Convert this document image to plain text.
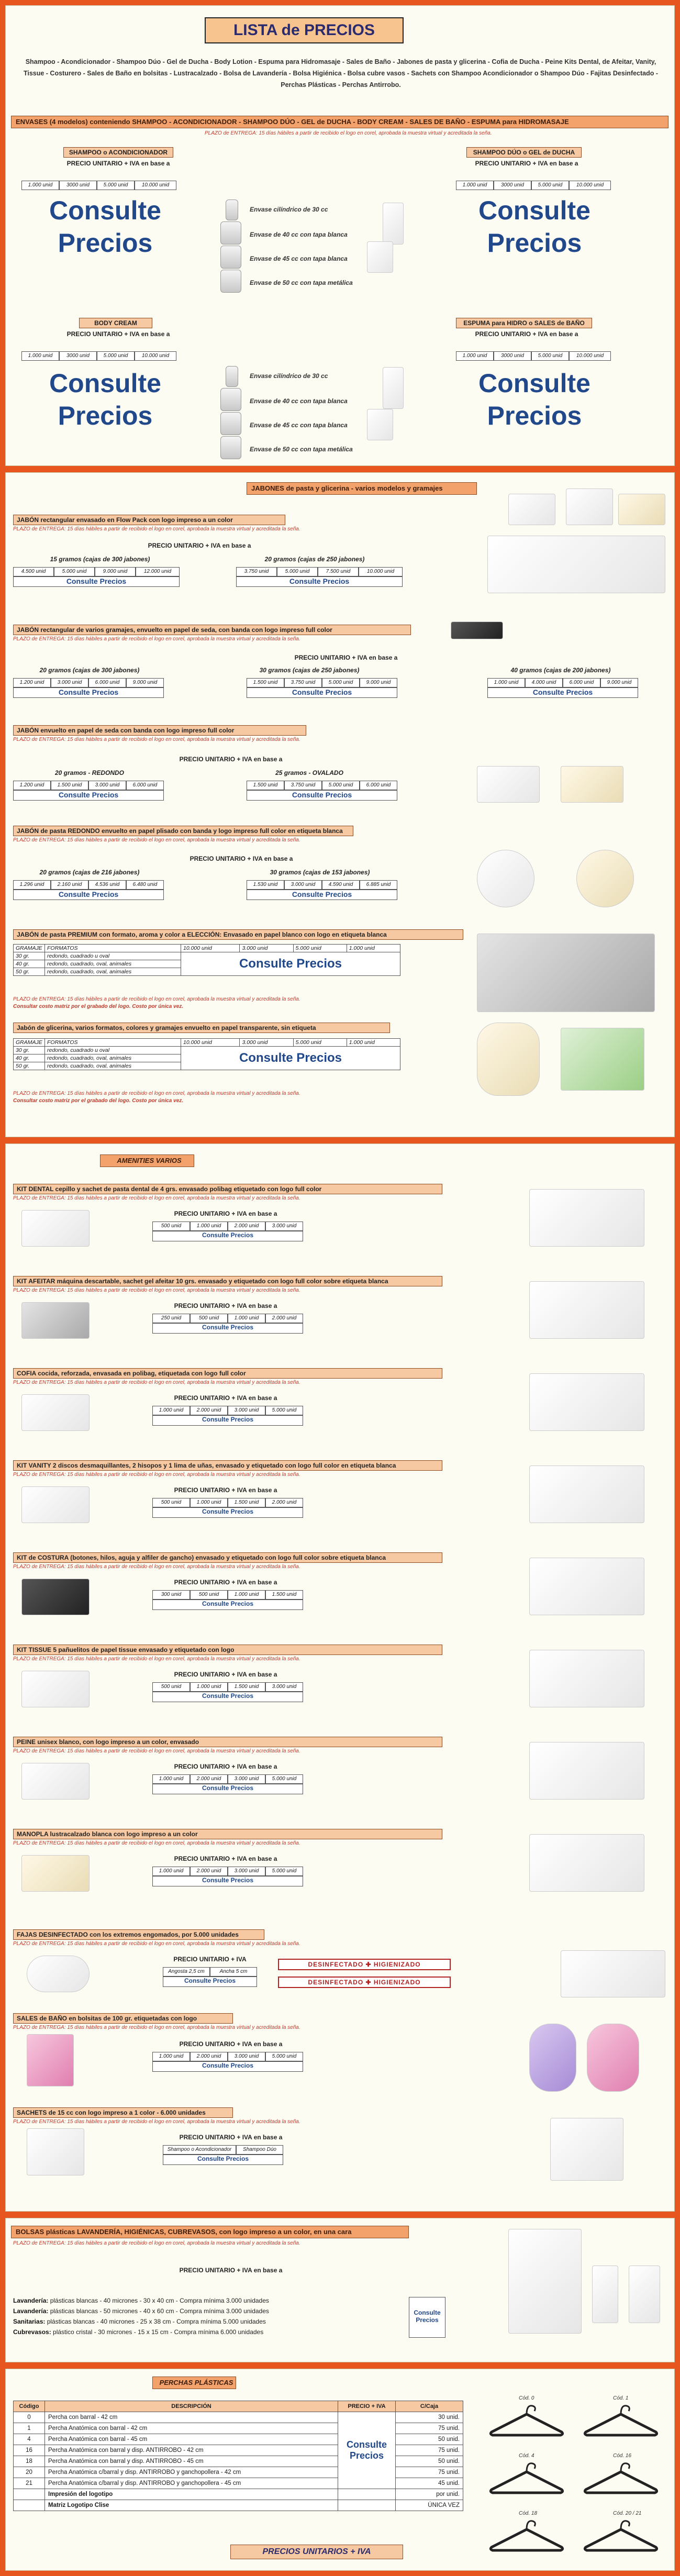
LISTA de PRECIOS
Shampoo - Acondicionador - Shampoo Dúo - Gel de Ducha - Body Lotion - Espuma para Hidromasaje - Sales de Baño - Jabones de pasta y glicerina - Cofia de Ducha - Peine Kits Dental, de Afeitar, Vanity, Tissue - Costurero - Sales de Baño en bolsitas - Lustracalzado - Bolsa de Lavandería - Bolsa Higiénica - Bolsa cubre vasos - Sachets con Shampoo Acondicionador o Shampoo Dúo - Fajitas Desinfectado - Perchas Plásticas - Perchas Antirrobo.
ENVASES (4 modelos) conteniendo SHAMPOO - ACONDICIONADOR - SHAMPOO DÚO - GEL de DUCHA - BODY CREAM - SALES DE BAÑO - ESPUMA para HIDROMASAJE
PLAZO de ENTREGA: 15 días hábiles a partir de recibido el logo en corel, aprobada la muestra virtual y acreditada la seña.
SHAMPOO o ACONDICIONADOR
PRECIO UNITARIO + IVA en base a
1.000 unid	3000 unid	5.000 unid	10.000 unid
Consulte
Precios
Envase cilíndrico de 30 cc
Envase de 40 cc con tapa blanca
Envase de 45 cc con tapa blanca
Envase de 50 cc con tapa metálica
SHAMPOO DÚO o GEL de DUCHA
PRECIO UNITARIO + IVA en base a
1.000 unid	3000 unid	5.000 unid	10.000 unid
Consulte
Precios
BODY CREAM
PRECIO UNITARIO + IVA en base a
1.000 unid	3000 unid	5.000 unid	10.000 unid
Consulte
Precios
Envase cilíndrico de 30 cc
Envase de 40 cc con tapa blanca
Envase de 45 cc con tapa blanca
Envase de 50 cc con tapa metálica
ESPUMA para HIDRO o SALES de BAÑO
PRECIO UNITARIO + IVA en base a
1.000 unid	3000 unid	5.000 unid	10.000 unid
Consulte
Precios
JABONES de pasta y glicerina - varios modelos y gramajes
JABÓN rectangular envasado en Flow Pack con logo impreso a un color
PLAZO de ENTREGA: 15 días hábiles a partir de recibido el logo en corel, aprobada la muestra virtual y acreditada la seña.
PRECIO UNITARIO + IVA en base a
15 gramos (cajas de 300 jabones)	20 gramos (cajas de 250 jabones)
4.500 unid	5.000 unid	9.000 unid	12.000 unid
Consulte Precios
3.750 unid	5.000 unid	7.500 unid	10.000 unid
Consulte Precios
JABÓN rectangular de varios gramajes, envuelto en papel de seda, con banda con logo impreso full color
PLAZO de ENTREGA: 15 días hábiles a partir de recibido el logo en corel, aprobada la muestra virtual y acreditada la seña.
PRECIO UNITARIO + IVA en base a
20 gramos (cajas de 300 jabones)	30 gramos (cajas de 250 jabones)	40 gramos (cajas de 200 jabones)
1.200 unid	3.000 unid	6.000 unid	9.000 unid
Consulte Precios
1.500 unid	3.750 unid	5.000 unid	9.000 unid
Consulte Precios
1.000 unid	4.000 unid	6.000 unid	9.000 unid
Consulte Precios
JABÓN envuelto en papel de seda con banda con logo impreso full color
PLAZO de ENTREGA: 15 días hábiles a partir de recibido el logo en corel, aprobada la muestra virtual y acreditada la seña.
PRECIO UNITARIO + IVA en base a
20 gramos - REDONDO	25 gramos - OVALADO
1.200 unid	1.500 unid	3.000 unid	6.000 unid
Consulte Precios
1.500 unid	3.750 unid	5.000 unid	6.000 unid
Consulte Precios
JABÓN de pasta REDONDO envuelto en papel plisado con banda y logo impreso full color en etiqueta blanca
PLAZO de ENTREGA: 15 días hábiles a partir de recibido el logo en corel, aprobada la muestra virtual y acreditada la seña.
PRECIO UNITARIO + IVA en base a
20 gramos (cajas de 216 jabones)	30 gramos (cajas de 153 jabones)
1.296 unid	2.160 unid	4.536 unid	6.480 unid
Consulte Precios
1.530 unid	3.000 unid	4.590 unid	6.885 unid
Consulte Precios
JABÓN de pasta PREMIUM con formato, aroma y color a ELECCIÓN: Envasado en papel blanco con logo en etiqueta blanca
GRAMAJE	FORMATOS	10.000 unid	3.000 unid	5.000 unid	1.000 unid
30 gr.	redondo, cuadrado u oval	Consulte Precios			
40 gr.	redondo, cuadrado, oval, animales				
50 gr.	redondo, cuadrado, oval, animales				
PLAZO de ENTREGA: 15 días hábiles a partir de recibido el logo en corel, aprobada la muestra virtual y acreditada la seña.
Consultar costo matriz por el grabado del logo. Costo por única vez.
Jabón de glicerina, varios formatos, colores y gramajes envuelto en papel transparente, sin etiqueta
GRAMAJE	FORMATOS	10.000 unid	3.000 unid	5.000 unid	1.000 unid
30 gr.	redondo, cuadrado u oval	Consulte Precios			
40 gr.	redondo, cuadrado, oval, animales				
50 gr.	redondo, cuadrado, oval, animales				
PLAZO de ENTREGA: 15 días hábiles a partir de recibido el logo en corel, aprobada la muestra virtual y acreditada la seña.
Consultar costo matriz por el grabado del logo. Costo por única vez.
AMENITIES VARIOS
KIT DENTAL cepillo y sachet de pasta dental de 4 grs. envasado polibag etiquetado con logo full color
PLAZO de ENTREGA: 15 días hábiles a partir de recibido el logo en corel, aprobada la muestra virtual y acreditada la seña.
PRECIO UNITARIO + IVA en base a
500 unid	1.000 unid	2.000 unid	3.000 unid
Consulte Precios
KIT AFEITAR máquina descartable, sachet gel afeitar 10 grs. envasado y etiquetado con logo full color sobre etiqueta blanca
PLAZO de ENTREGA: 15 días hábiles a partir de recibido el logo en corel, aprobada la muestra virtual y acreditada la seña.
PRECIO UNITARIO + IVA en base a
250 unid	500 unid	1.000 unid	2.000 unid
Consulte Precios
COFIA cocida, reforzada, envasada en polibag, etiquetada con logo full color
PLAZO de ENTREGA: 15 días hábiles a partir de recibido el logo en corel, aprobada la muestra virtual y acreditada la seña.
PRECIO UNITARIO + IVA en base a
1.000 unid	2.000 unid	3.000 unid	5.000 unid
Consulte Precios
KIT VANITY 2 discos desmaquillantes, 2 hisopos y 1 lima de uñas, envasado y etiquetado con logo full color en etiqueta blanca
PLAZO de ENTREGA: 15 días hábiles a partir de recibido el logo en corel, aprobada la muestra virtual y acreditada la seña.
PRECIO UNITARIO + IVA en base a
500 unid	1.000 unid	1.500 unid	2.000 unid
Consulte Precios
KIT de COSTURA (botones, hilos, aguja y alfiler de gancho) envasado y etiquetado con logo full color sobre etiqueta blanca
PLAZO de ENTREGA: 15 días hábiles a partir de recibido el logo en corel, aprobada la muestra virtual y acreditada la seña.
PRECIO UNITARIO + IVA en base a
300 unid	500 unid	1.000 unid	1.500 unid
Consulte Precios
KIT TISSUE 5 pañuelitos de papel tissue envasado y etiquetado con logo
PLAZO de ENTREGA: 15 días hábiles a partir de recibido el logo en corel, aprobada la muestra virtual y acreditada la seña.
PRECIO UNITARIO + IVA en base a
500 unid	1.000 unid	1.500 unid	3.000 unid
Consulte Precios
PEINE unisex blanco, con logo impreso a un color, envasado
PLAZO de ENTREGA: 15 días hábiles a partir de recibido el logo en corel, aprobada la muestra virtual y acreditada la seña.
PRECIO UNITARIO + IVA en base a
1.000 unid	2.000 unid	3.000 unid	5.000 unid
Consulte Precios
MANOPLA lustracalzado blanca con logo impreso a un color
PLAZO de ENTREGA: 15 días hábiles a partir de recibido el logo en corel, aprobada la muestra virtual y acreditada la seña.
PRECIO UNITARIO + IVA en base a
1.000 unid	2.000 unid	3.000 unid	5.000 unid
Consulte Precios
FAJAS DESINFECTADO con los extremos engomados, por 5.000 unidades
PLAZO de ENTREGA: 15 días hábiles a partir de recibido el logo en corel, aprobada la muestra virtual y acreditada la seña.
PRECIO UNITARIO + IVA
Angosta 2,5 cm	Ancha 5 cm
Consulte Precios
DESINFECTADO ✚ HIGIENIZADO
DESINFECTADO ✚ HIGIENIZADO
SALES de BAÑO en bolsitas de 100 gr. etiquetadas con logo
PLAZO de ENTREGA: 15 días hábiles a partir de recibido el logo en corel, aprobada la muestra virtual y acreditada la seña.
PRECIO UNITARIO + IVA en base a
1.000 unid	2.000 unid	3.000 unid	5.000 unid
Consulte Precios
SACHETS de 15 cc con logo impreso a 1 color - 6.000 unidades
PLAZO de ENTREGA: 15 días hábiles a partir de recibido el logo en corel, aprobada la muestra virtual y acreditada la seña.
PRECIO UNITARIO + IVA en base a
Shampoo o Acondicionador	Shampoo Dúo
Consulte Precios
BOLSAS plásticas LAVANDERÍA, HIGIÉNICAS, CUBREVASOS, con logo impreso a un color, en una cara
PLAZO de ENTREGA: 15 días hábiles a partir de recibido el logo en corel, aprobada la muestra virtual y acreditada la seña.
PRECIO UNITARIO + IVA en base a
Lavandería: plásticas blancas - 40 micrones - 30 x 40 cm - Compra mínima 3.000 unidades
Lavandería: plásticas blancas - 50 micrones - 40 x 60 cm - Compra mínima 3.000 unidades
Sanitarias: plásticas blancas - 40 micrones - 25 x 38 cm - Compra mínima 5.000 unidades
Cubrevasos: plástico cristal - 30 micrones - 15 x 15 cm - Compra mínima 6.000 unidades
Consulte Precios
PERCHAS PLÁSTICAS
Código	DESCRIPCIÓN	PRECIO + IVA	C/Caja
0	Percha con barral - 42 cm	Consulte Precios	30 unid.
1	Percha Anatómica con barral - 42 cm		75 unid.
4	Percha Anatómica con barral - 45 cm		50 unid.
16	Percha Anatómica con barral y disp. ANTIRROBO - 42 cm		75 unid.
18	Percha Anatómica con barral y disp. ANTIRROBO - 45 cm		50 unid.
20	Percha Anatómica c/barral y disp. ANTIRROBO y ganchopollera - 42 cm		75 unid.
21	Percha Anatómica c/barral y disp. ANTIRROBO y ganchopollera - 45 cm		45 unid.
	Impresión del logotipo		por unid.
	Matriz Logotipo Clise		ÚNICA VEZ
Cód. 0	Cód. 1
Cód. 4	Cód. 16
Cód. 18	Cód. 20 / 21
PRECIOS UNITARIOS + IVA
